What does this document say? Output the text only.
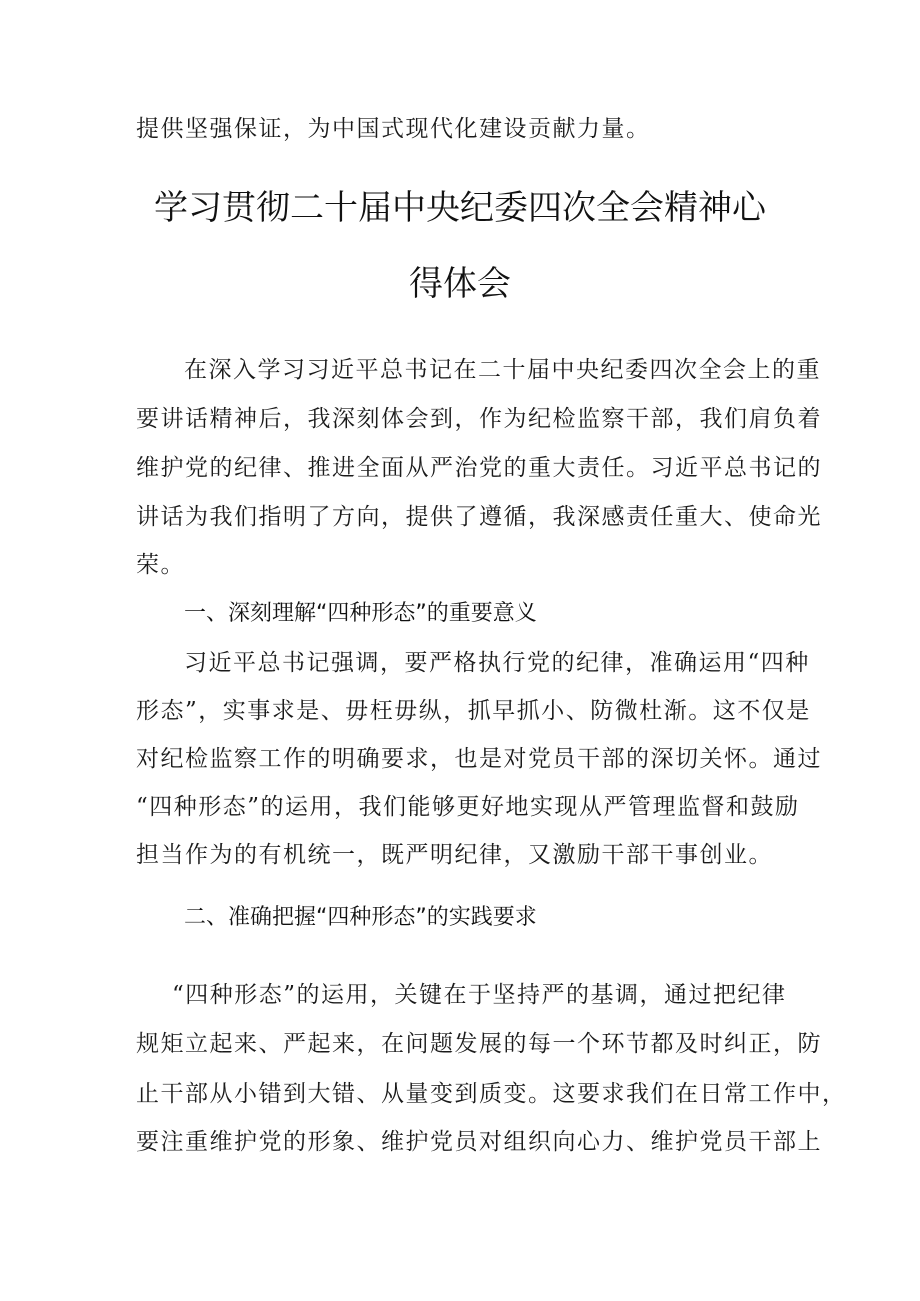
提供坚强保证，为中国式现代化建设贡献力量。
学习贯彻二十届中央纪委四次全会精神心
得体会
在深入学习习近平总书记在二十届中央纪委四次全会上的重
要讲话精神后，我深刻体会到，作为纪检监察干部，我们肩负着
维护党的纪律、推进全面从严治党的重大责任。习近平总书记的
讲话为我们指明了方向，提供了遵循，我深感责任重大、使命光
荣。
一、深刻理解“四种形态”的重要意义
习近平总书记强调，要严格执行党的纪律，准确运用“四种
形态”，实事求是、毋枉毋纵，抓早抓小、防微杜渐。这不仅是
对纪检监察工作的明确要求，也是对党员干部的深切关怀。通过
“四种形态”的运用，我们能够更好地实现从严管理监督和鼓励
担当作为的有机统一，既严明纪律，又激励干部干事创业。
二、准确把握“四种形态”的实践要求
“四种形态”的运用，关键在于坚持严的基调，通过把纪律
规矩立起来、严起来，在问题发展的每一个环节都及时纠正，防
止干部从小错到大错、从量变到质变。这要求我们在日常工作中，
要注重维护党的形象、维护党员对组织向心力、维护党员干部上
